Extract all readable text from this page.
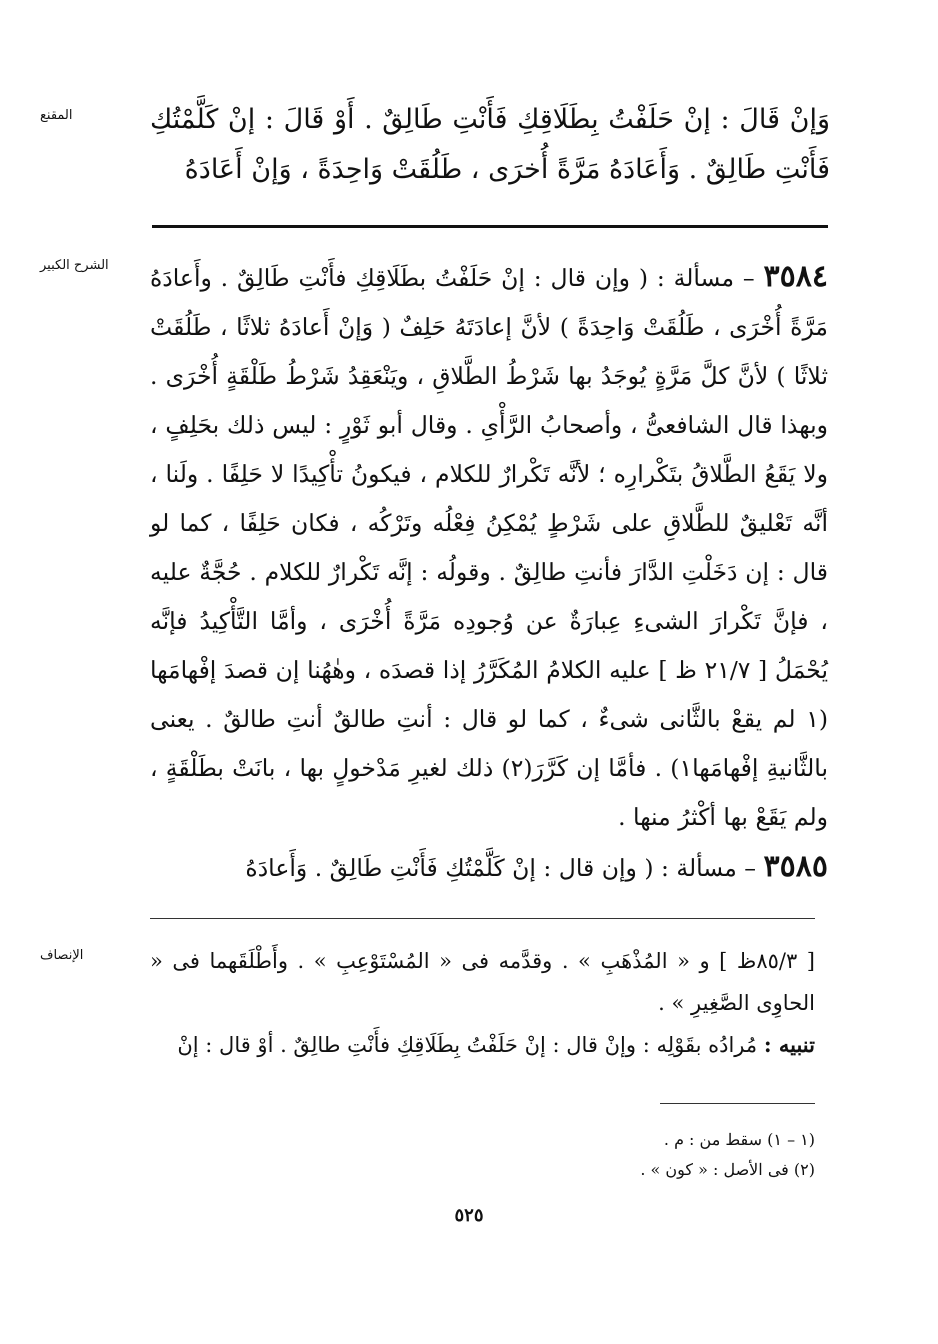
المقنع	وَإنْ قَالَ : إنْ حَلَفْتُ بِطَلَاقِكِ فَأَنْتِ طَالِقٌ . أَوْ قَالَ : إنْ كَلَّمْتُكِ فَأَنْتِ طَالِقٌ . وَأَعَادَهُ مَرَّةً أُخرَى ، طَلُقَتْ وَاحِدَةً ، وَإنْ أَعَادَهُ

الشرح الكبير	٣٥٨٤ – مسألة : ( وإن قال : إنْ حَلَفْتُ بطَلَاقِكِ فأَنْتِ طَالِقٌ . وأَعادَهُ مَرَّةً أُخْرَى ، طَلُقَتْ وَاحِدَةً ) لأنَّ إعادَتَهُ حَلِفٌ ( وَإنْ أَعادَهُ ثلاثًا ، طَلُقَتْ ثلاثًا ) لأنَّ كلَّ مَرَّةٍ يُوجَدُ بها شَرْطُ الطَّلاقِ ، ويَنْعَقِدُ شَرْطُ طَلْقَةٍ أُخْرَى . وبهذا قال الشافعىُّ ، وأصحابُ الرَّأْىِ . وقال أبو ثَوْرٍ : ليس ذلك بحَلِفٍ ، ولا يَقَعُ الطَّلاقُ بتَكْرارِه ؛ لأنَّه تَكْرارٌ للكلام ، فيكونُ تأْكِيدًا لا حَلِفًا . ولَنا ، أنَّه تَعْليقٌ للطَّلاقِ على شَرْطٍ يُمْكِنُ فِعْلُه وتَرْكُه ، فكان حَلِفًا ، كما لو قال : إن دَخَلْتِ الدَّارَ فأنتِ طالِقٌ . وقولُه : إنَّه تَكْرارٌ للكلام . حُجَّةٌ عليه ، فإنَّ تَكْرارَ الشىءِ عِبارَةٌ عن وُجودِه مَرَّةً أُخْرَى ، وأمَّا التَّأْكِيدُ فإنَّه يُحْمَلُ [ ٢١/٧ ظ ] عليه الكلامُ المُكَرَّرُ إذا قصدَه ، وهٰهُنا إن قصدَ إفْهامَها (١ لم يقعْ بالثَّانى شىءٌ ، كما لو قال : أنتِ طالقٌ أنتِ طالقٌ . يعنى بالثَّانيةِ إفْهامَها١) . فأمَّا إن كَرَّرَ(٢) ذلك لغيرِ مَدْخولٍ بها ، بانَتْ بطَلْقَةٍ ، ولم يَقَعْ بها أكْثرُ منها .

٣٥٨٥ – مسألة : ( وإن قال : إنْ كَلَّمْتُكِ فَأَنْتِ طَالِقٌ . وَأَعادَهُ

الإنصاف	[ ٨٥/٣ظ ] و « المُذْهَبِ » . وقدَّمه فى « المُسْتَوْعِبِ » . وأَطْلَقَهما فى « الحاوِى الصَّغِيرِ » .

تنبيه : مُرادُه بقَوْلِه : وإنْ قال : إنْ حَلَفْتُ بِطَلَاقِكِ فأَنْتِ طالِقٌ . أوْ قال : إنْ

(١ – ١) سقط من : م .

(٢) فى الأصل : « كون » .

٥٢٥
